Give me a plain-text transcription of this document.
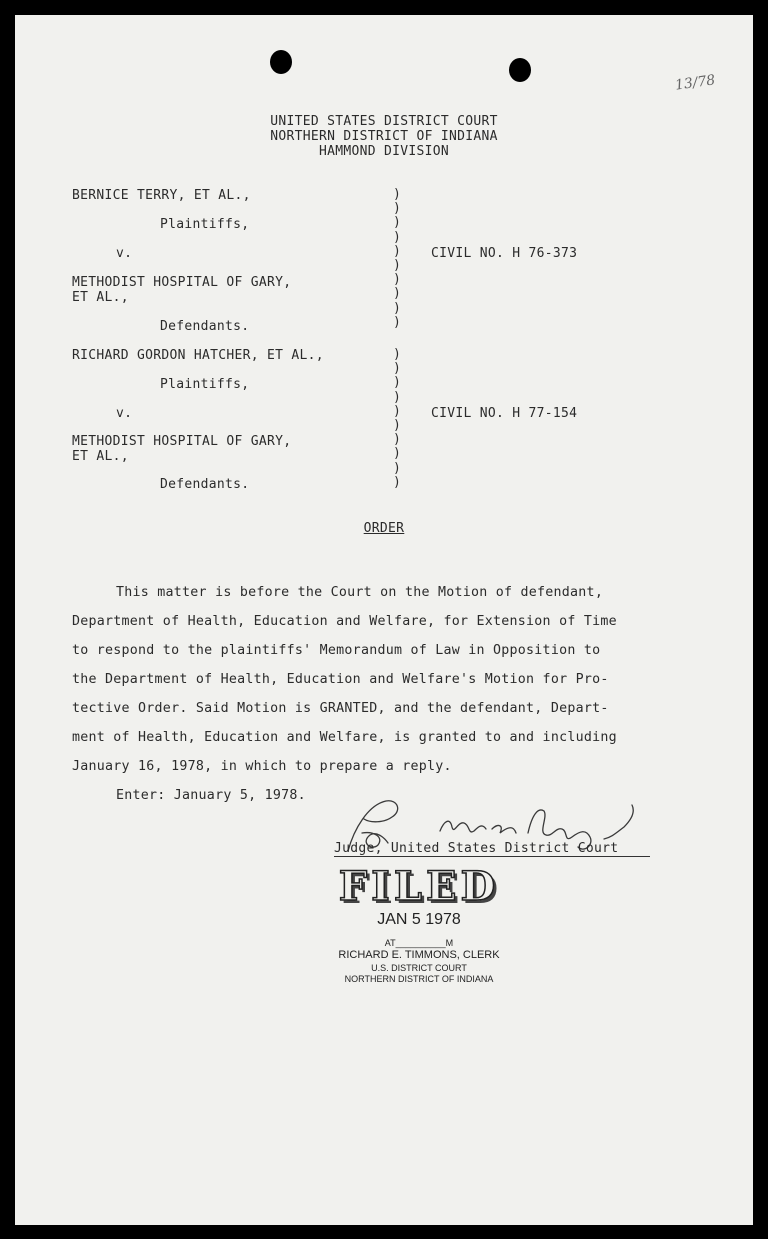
13/78
UNITED STATES DISTRICT COURT
NORTHERN DISTRICT OF INDIANA
HAMMOND DIVISION
BERNICE TERRY, ET AL.,
Plaintiffs,
v.	CIVIL NO. H 76-373
METHODIST HOSPITAL OF GARY,
ET AL.,
Defendants.
)
)
)
)
)
)
)
)
)
)
RICHARD GORDON HATCHER, ET AL.,
Plaintiffs,
v.	CIVIL NO. H 77-154
METHODIST HOSPITAL OF GARY,
ET AL.,
Defendants.
)
)
)
)
)
)
)
)
)
)
ORDER

This matter is before the Court on the Motion of defendant,

Department of Health, Education and Welfare, for Extension of Time

to respond to the plaintiffs' Memorandum of Law in Opposition to

the Department of Health, Education and Welfare's Motion for Pro-

tective Order. Said Motion is GRANTED, and the defendant, Depart-

ment of Health, Education and Welfare, is granted to and including

January 16, 1978, in which to prepare a reply.

Enter: January 5, 1978.

Judge, United States District Court
FILED
JAN 5 1978
AT__________M
RICHARD E. TIMMONS, CLERK
U.S. DISTRICT COURT
NORTHERN DISTRICT OF INDIANA
